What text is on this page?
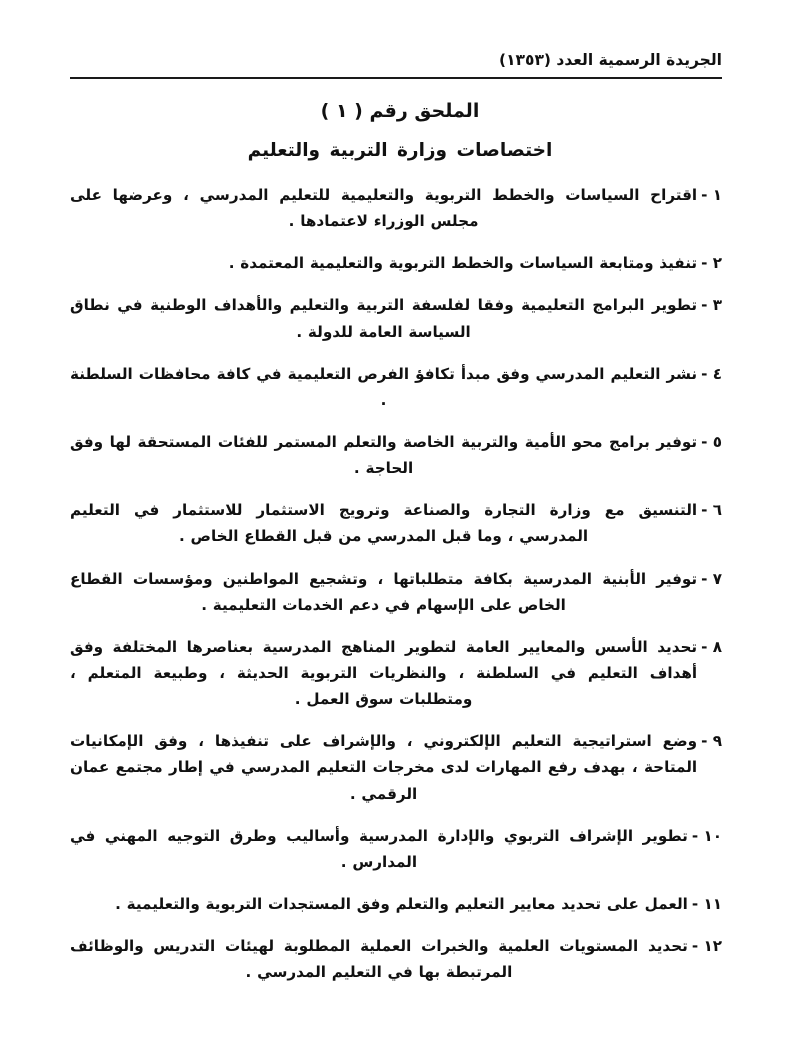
الجريدة الرسمية العدد (١٣٥٣)
الملحق رقم ( ١ )
اختصاصات وزارة التربية والتعليم
١ -
اقتراح السياسات والخطط التربوية والتعليمية للتعليم المدرسي ، وعرضها على مجلس الوزراء لاعتمادها .
٢ -
تنفيذ ومتابعة السياسات والخطط التربوية والتعليمية المعتمدة .
٣ -
تطوير البرامج التعليمية وفقا لفلسفة التربية والتعليم والأهداف الوطنية في نطاق السياسة العامة للدولة .
٤ -
نشر التعليم المدرسي وفق مبدأ تكافؤ الفرص التعليمية في كافة محافظات السلطنة .
٥ -
توفير برامج محو الأمية والتربية الخاصة والتعلم المستمر للفئات المستحقة لها وفق الحاجة .
٦ -
التنسيق مع وزارة التجارة والصناعة وترويج الاستثمار للاستثمار في التعليم المدرسي ، وما قبل المدرسي من قبل القطاع الخاص .
٧ -
توفير الأبنية المدرسية بكافة متطلباتها ، وتشجيع المواطنين ومؤسسات القطاع الخاص على الإسهام في دعم الخدمات التعليمية .
٨ -
تحديد الأسس والمعايير العامة لتطوير المناهج المدرسية بعناصرها المختلفة وفق أهداف التعليم في السلطنة ، والنظريات التربوية الحديثة ، وطبيعة المتعلم ، ومتطلبات سوق العمل .
٩ -
وضع استراتيجية التعليم الإلكتروني ، والإشراف على تنفيذها ، وفق الإمكانيات المتاحة ، بهدف رفع المهارات لدى مخرجات التعليم المدرسي في إطار مجتمع عمان الرقمي .
١٠ -
تطوير الإشراف التربوي والإدارة المدرسية وأساليب وطرق التوجيه المهني في المدارس .
١١ -
العمل على تحديد معايير التعليم والتعلم وفق المستجدات التربوية والتعليمية .
١٢ -
تحديد المستويات العلمية والخبرات العملية المطلوبة لهيئات التدريس والوظائف المرتبطة بها في التعليم المدرسي .
